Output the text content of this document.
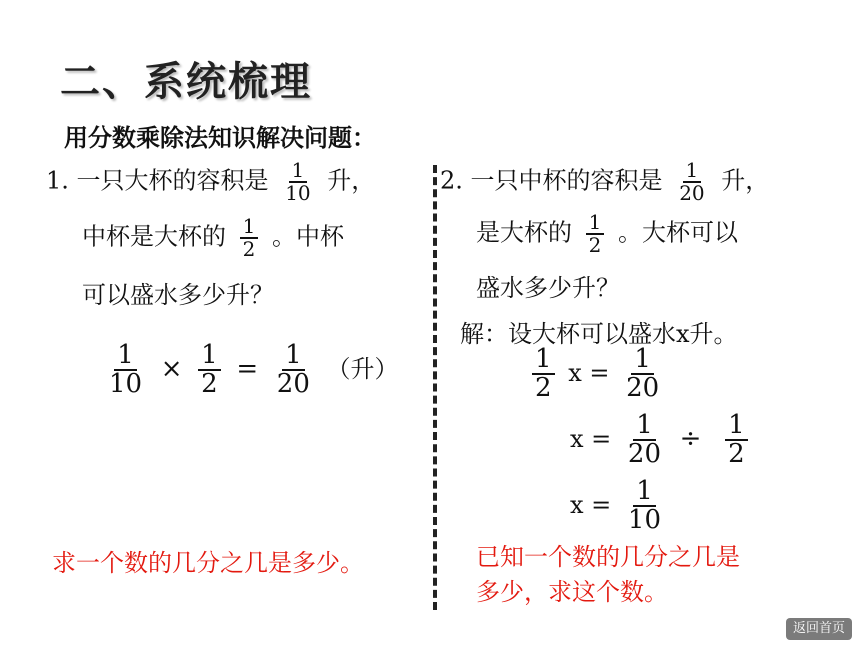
二、系统梳理
用分数乘除法知识解决问题：
1. 一只大杯的容积是 $\frac{1}{10}$ 升，
中杯是大杯的 $\frac{1}{2}$ 。中杯
可以盛水多少升？
$\frac{1}{10} \times \frac{1}{2} = \frac{1}{20}$ （升）
求一个数的几分之几是多少。
2. 一只中杯的容积是 $\frac{1}{20}$ 升，
是大杯的 $\frac{1}{2}$ 。大杯可以
盛水多少升？
解：设大杯可以盛水x升。
$\frac{1}{2}$ $x = \frac{1}{20}$
$x = \frac{1}{20} \div \frac{1}{2}$
$x = \frac{1}{10}$
已知一个数的几分之几是
多少，求这个数。
返回首页
